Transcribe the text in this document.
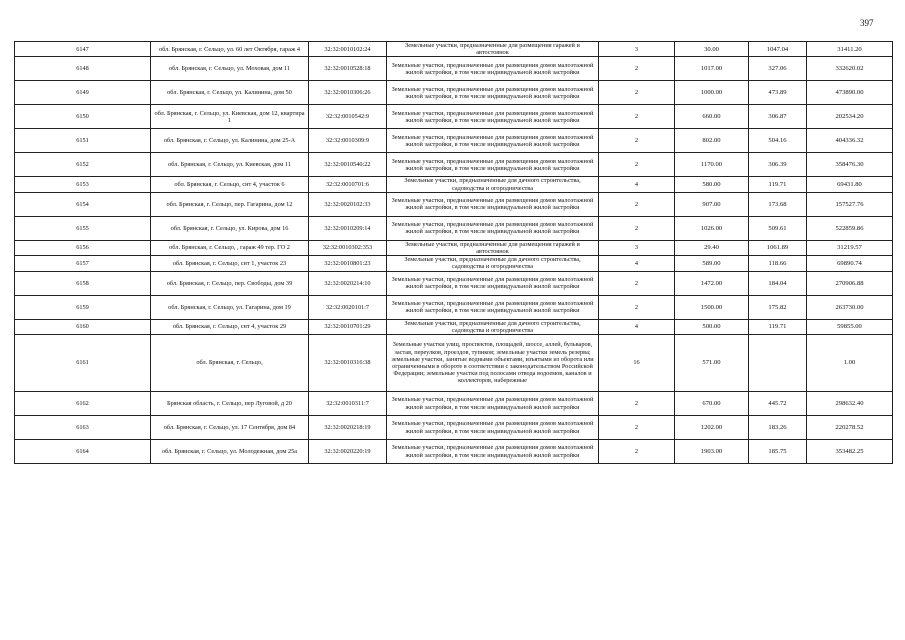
397
6147	обл. Брянская, г. Сельцо, ул. 60 лет Октября, гараж 4	32:32:0010102:24	Земельные участки, предназначенные для размещения гаражей и автостоянок	3	30.00	1047.04	31411.20
6148	обл. Брянская, г. Сельцо, ул. Моховая, дом 11	32:32:0010528:18	Земельные участки, предназначенные для размещения домов малоэтажной жилой застройки, в том числе индивидуальной жилой застройки	2	1017.00	327.06	332620.02
6149	обл. Брянская, г. Сельцо, ул. Калинина, дом 50	32:32:0010306:26	Земельные участки, предназначенные для размещения домов малоэтажной жилой застройки, в том числе индивидуальной жилой застройки	2	1000.00	473.89	473890.00
6150	обл. Брянская, г. Сельцо, ул. Киевская, дом 12, квартира 1	32:32:0010542:9	Земельные участки, предназначенные для размещения домов малоэтажной жилой застройки, в том числе индивидуальной жилой застройки	2	660.00	306.87	202534.20
6151	обл. Брянская, г. Сельцо, ул. Калинина, дом 25-А	32:32:0010309:9	Земельные участки, предназначенные для размещения домов малоэтажной жилой застройки, в том числе индивидуальной жилой застройки	2	802.00	504.16	404336.32
6152	обл. Брянская, г. Сельцо, ул. Киевская, дом 11	32:32:0010540:22	Земельные участки, предназначенные для размещения домов малоэтажной жилой застройки, в том числе индивидуальной жилой застройки	2	1170.00	306.39	358476.30
6153	обл. Брянская, г. Сельцо, снт 4, участок 6	32:32:0010701:6	Земельные участки, предназначенные для дачного строительства, садоводства и огородничества	4	580.00	119.71	69431.80
6154	обл. Брянская, г. Сельцо, пер. Гагарина, дом 12	32:32:0020102:33	Земельные участки, предназначенные для размещения домов малоэтажной жилой застройки, в том числе индивидуальной жилой застройки	2	907.00	173.68	157527.76
6155	обл. Брянская, г. Сельцо, ул. Кирова, дом 16	32:32:0010209:14	Земельные участки, предназначенные для размещения домов малоэтажной жилой застройки, в том числе индивидуальной жилой застройки	2	1026.00	509.61	522859.86
6156	обл. Брянская, г. Сельцо, , гараж 49 тер. ГО 2	32:32:0010302:353	Земельные участки, предназначенные для размещения гаражей и автостоянок	3	29.40	1061.89	31219.57
6157	обл. Брянская, г. Сельцо, снт 1, участок 23	32:32:0010801:23	Земельные участки, предназначенные для дачного строительства, садоводства и огородничества	4	589.00	118.66	69890.74
6158	обл. Брянская, г. Сельцо, пер. Свободы, дом 39	32:32:0020214:10	Земельные участки, предназначенные для размещения домов малоэтажной жилой застройки, в том числе индивидуальной жилой застройки	2	1472.00	184.04	270906.88
6159	обл. Брянская, г. Сельцо, ул. Гагарина, дом 19	32:32:0020101:7	Земельные участки, предназначенные для размещения домов малоэтажной жилой застройки, в том числе индивидуальной жилой застройки	2	1500.00	175.82	263730.00
6160	обл. Брянская, г. Сельцо, снт 4, участок 29	32:32:0010701:29	Земельные участки, предназначенные для дачного строительства, садоводства и огородничества	4	500.00	119.71	59855.00
6161	обл. Брянская, г. Сельцо,	32:32:0010316:38	Земельные участки улиц, проспектов, площадей, шоссе, аллей, бульваров, застав, переулков, проездов, тупиков; земельные участки земель резерва; земельные участки, занятые водными объектами, изъятыми из оборота или ограниченными в обороте в соответствии с законодательством Российской Федерации; земельные участки под полосами отвода водоемов, каналов и коллекторов, набережные	16	571.00		1.00
6162	Брянская область, г. Сельцо, пер Луговой, д 20	32:32:0010311:7	Земельные участки, предназначенные для размещения домов малоэтажной жилой застройки, в том числе индивидуальной жилой застройки	2	670.00	445.72	298632.40
6163	обл. Брянская, г. Сельцо, ул. 17 Сентября, дом 84	32:32:0020218:19	Земельные участки, предназначенные для размещения домов малоэтажной жилой застройки, в том числе индивидуальной жилой застройки	2	1202.00	183.26	220278.52
6164	обл. Брянская, г. Сельцо, ул. Молодежная, дом 25а	32:32:0020220:19	Земельные участки, предназначенные для размещения домов малоэтажной жилой застройки, в том числе индивидуальной жилой застройки	2	1903.00	185.75	353482.25
